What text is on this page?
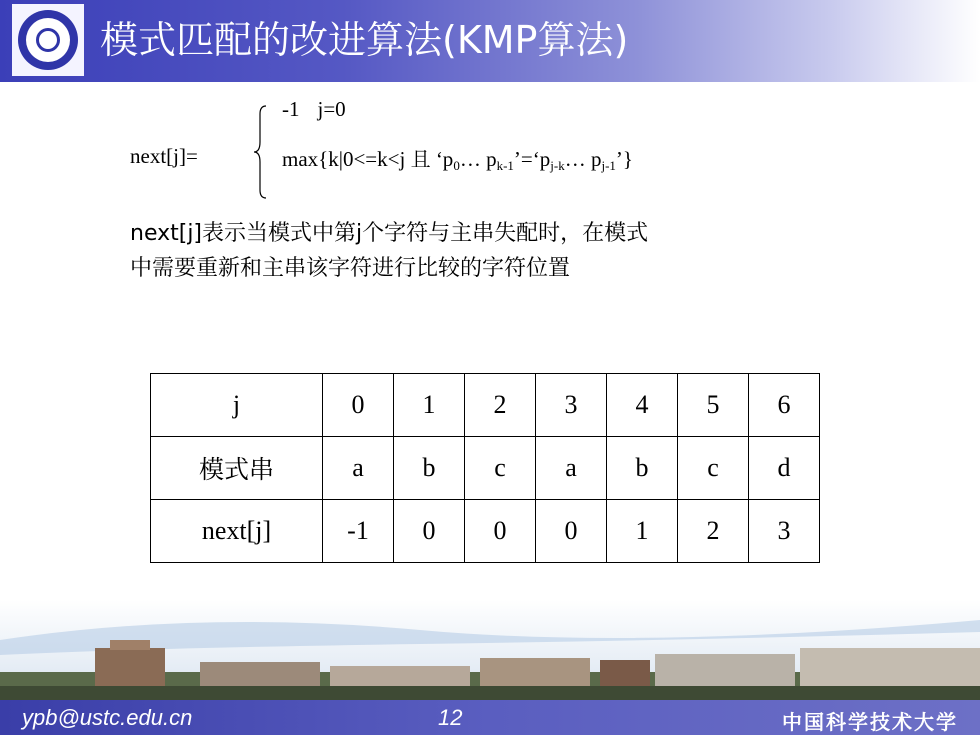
模式匹配的改进算法(KMP算法)
next[j]=
-1 j=0
max{k|0<=k<j 且 ‘$p_0\dots$ $p_{k-1}’=‘p_{j-k}\dots$ $p_{j-1}$’}
next[j]表示当模式中第j个字符与主串失配时，在模式
中需要重新和主串该字符进行比较的字符位置
j	0	1	2	3	4	5	6
模式串	a	b	c	a	b	c	d
next[j]	-1	0	0	0	1	2	3
ypb@ustc.edu.cn	12	中国科学技术大学
